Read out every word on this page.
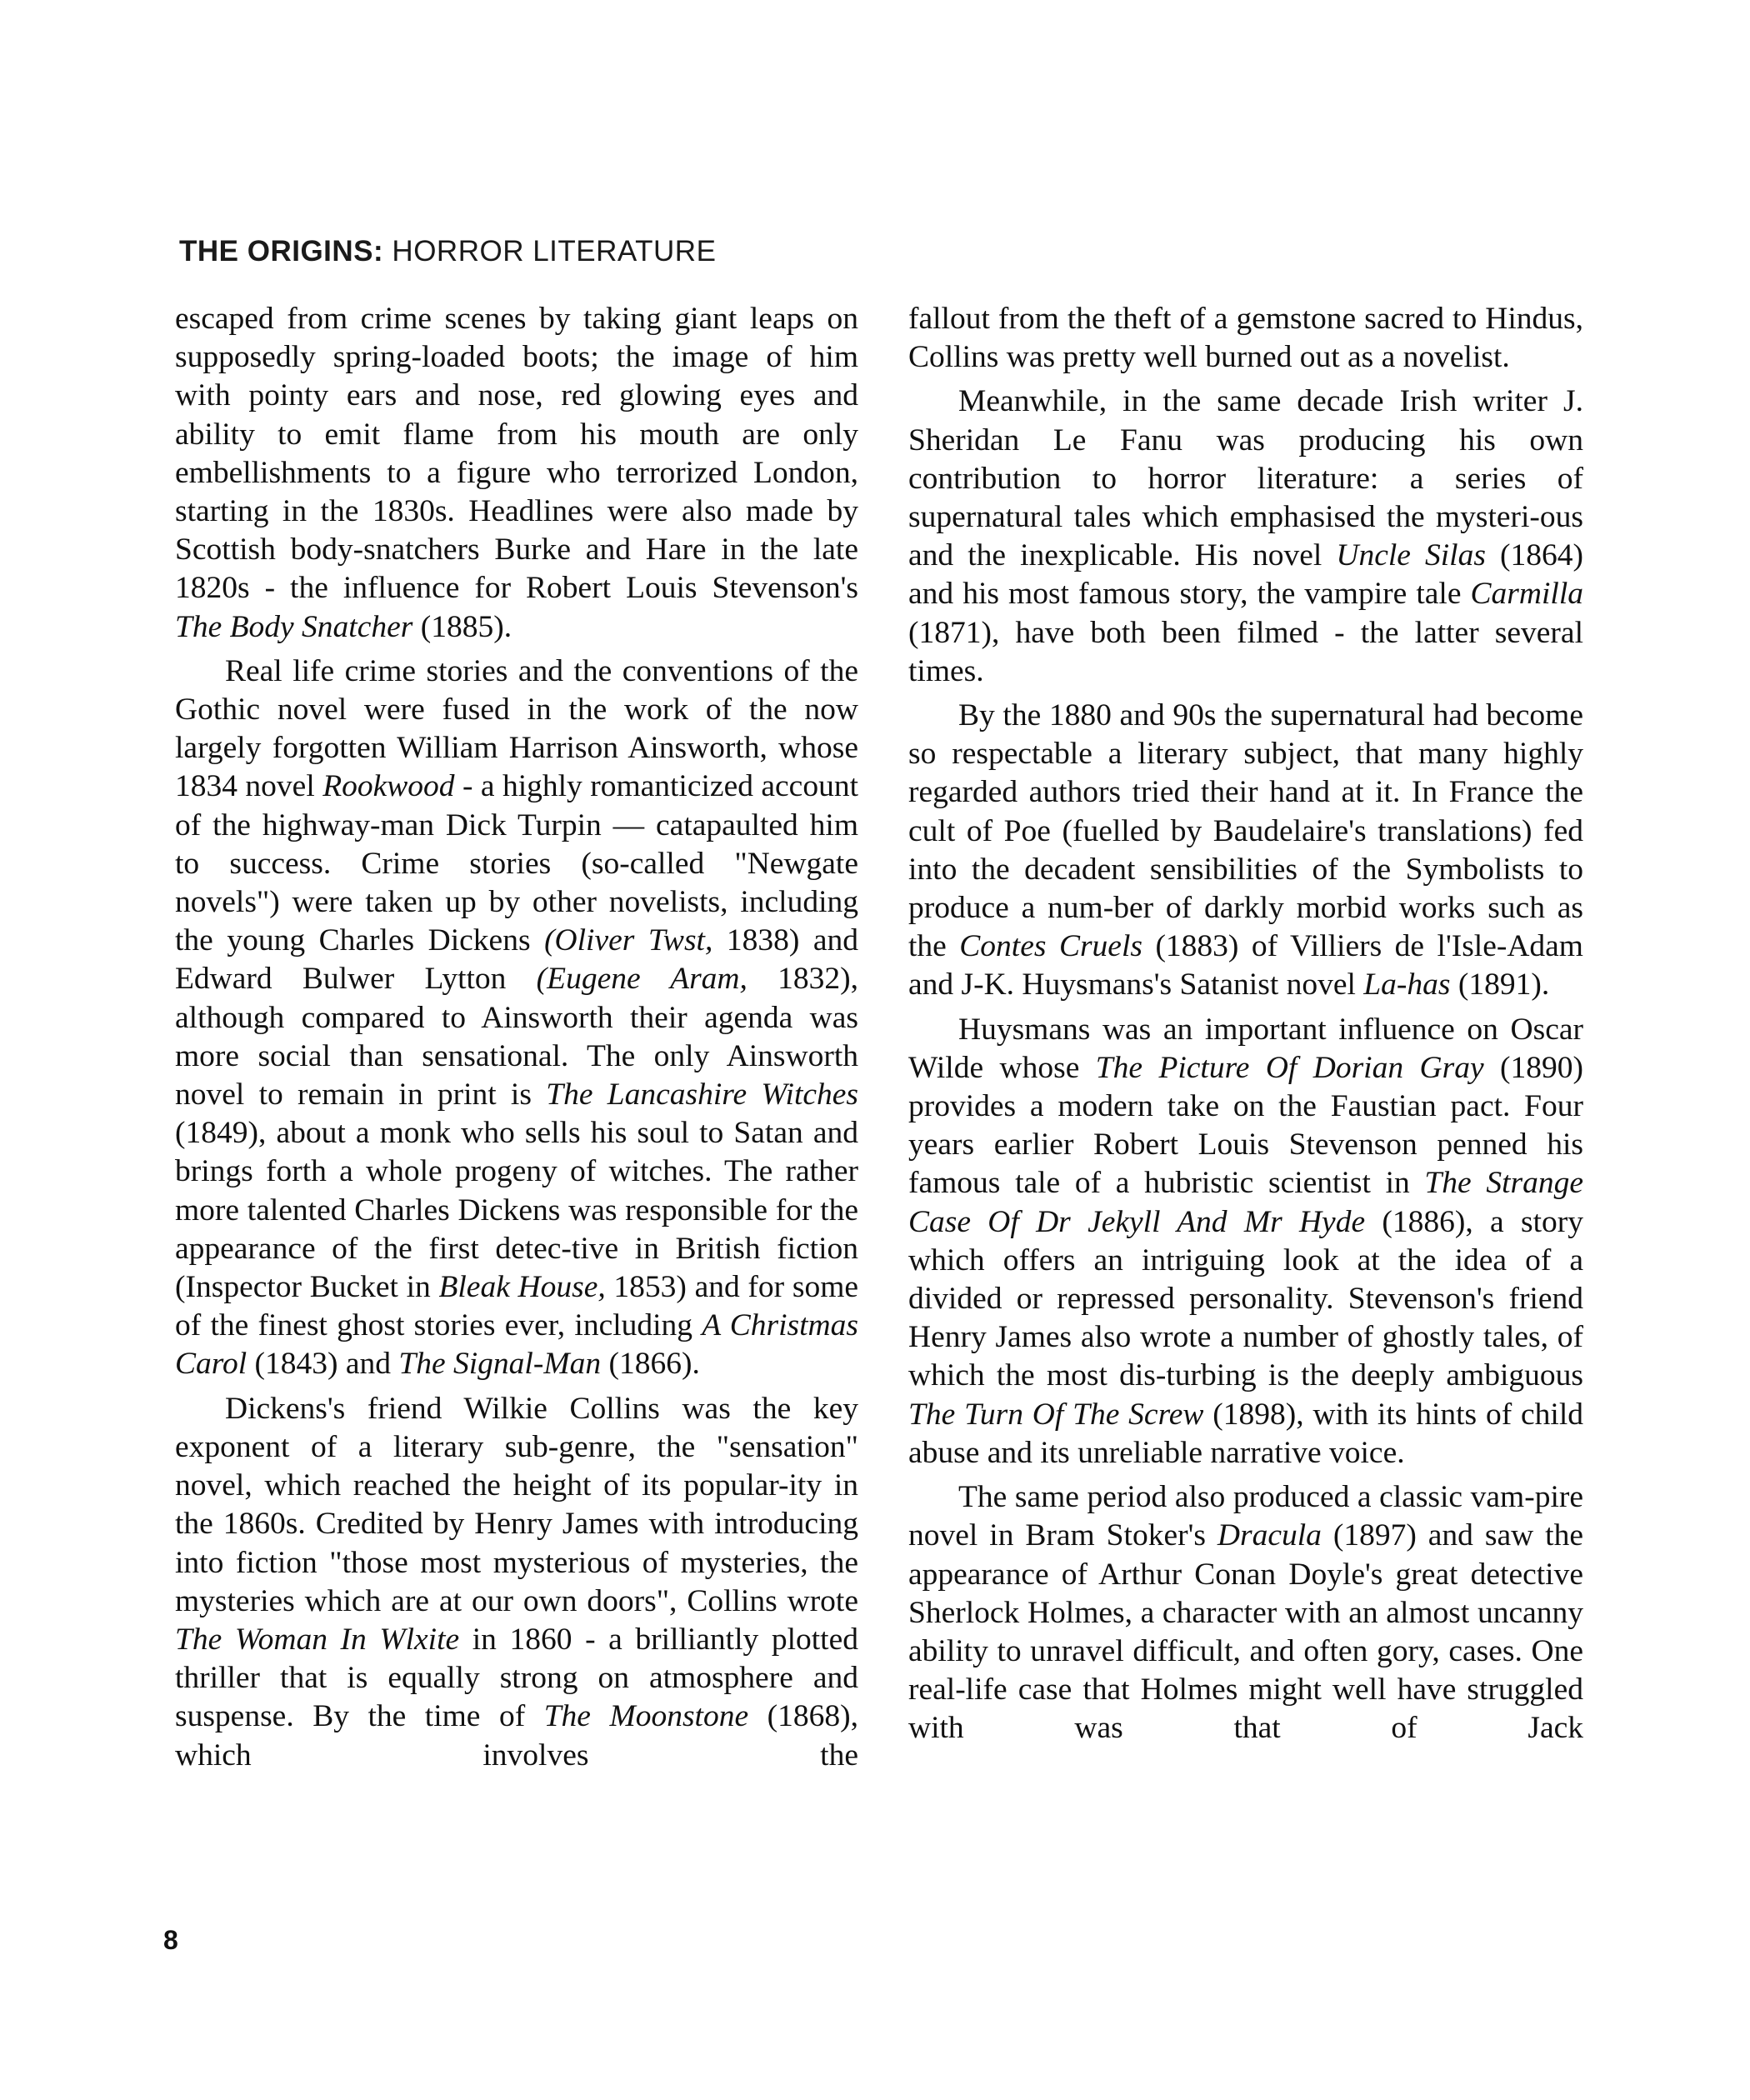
THE ORIGINS: HORROR LITERATURE

escaped from crime scenes by taking giant leaps on supposedly spring-loaded boots; the image of him with pointy ears and nose, red glowing eyes and ability to emit flame from his mouth are only embellishments to a figure who terrorized London, starting in the 1830s. Headlines were also made by Scottish body-snatchers Burke and Hare in the late 1820s - the influence for Robert Louis Stevenson's The Body Snatcher (1885).

Real life crime stories and the conventions of the Gothic novel were fused in the work of the now largely forgotten William Harrison Ainsworth, whose 1834 novel Rookwood - a highly romanticized account of the highway-man Dick Turpin — catapaulted him to success. Crime stories (so-called "Newgate novels") were taken up by other novelists, including the young Charles Dickens (Oliver Twst, 1838) and Edward Bulwer Lytton (Eugene Aram, 1832), although compared to Ainsworth their agenda was more social than sensational. The only Ainsworth novel to remain in print is The Lancashire Witches (1849), about a monk who sells his soul to Satan and brings forth a whole progeny of witches. The rather more talented Charles Dickens was responsible for the appearance of the first detec-tive in British fiction (Inspector Bucket in Bleak House, 1853) and for some of the finest ghost stories ever, including A Christmas Carol (1843) and The Signal-Man (1866).

Dickens's friend Wilkie Collins was the key exponent of a literary sub-genre, the "sensation" novel, which reached the height of its popular-ity in the 1860s. Credited by Henry James with introducing into fiction "those most mysterious of mysteries, the mysteries which are at our own doors", Collins wrote The Woman In Wlxite in 1860 - a brilliantly plotted thriller that is equally strong on atmosphere and suspense. By the time of The Moonstone (1868), which involves the

fallout from the theft of a gemstone sacred to Hindus, Collins was pretty well burned out as a novelist.

Meanwhile, in the same decade Irish writer J. Sheridan Le Fanu was producing his own contribution to horror literature: a series of supernatural tales which emphasised the mysteri-ous and the inexplicable. His novel Uncle Silas (1864) and his most famous story, the vampire tale Carmilla (1871), have both been filmed - the latter several times.

By the 1880 and 90s the supernatural had become so respectable a literary subject, that many highly regarded authors tried their hand at it. In France the cult of Poe (fuelled by Baudelaire's translations) fed into the decadent sensibilities of the Symbolists to produce a num-ber of darkly morbid works such as the Contes Cruels (1883) of Villiers de l'Isle-Adam and J-K. Huysmans's Satanist novel La-has (1891).

Huysmans was an important influence on Oscar Wilde whose The Picture Of Dorian Gray (1890) provides a modern take on the Faustian pact. Four years earlier Robert Louis Stevenson penned his famous tale of a hubristic scientist in The Strange Case Of Dr Jekyll And Mr Hyde (1886), a story which offers an intriguing look at the idea of a divided or repressed personality. Stevenson's friend Henry James also wrote a number of ghostly tales, of which the most dis-turbing is the deeply ambiguous The Turn Of The Screw (1898), with its hints of child abuse and its unreliable narrative voice.

The same period also produced a classic vam-pire novel in Bram Stoker's Dracula (1897) and saw the appearance of Arthur Conan Doyle's great detective Sherlock Holmes, a character with an almost uncanny ability to unravel difficult, and often gory, cases. One real-life case that Holmes might well have struggled with was that of Jack

8
